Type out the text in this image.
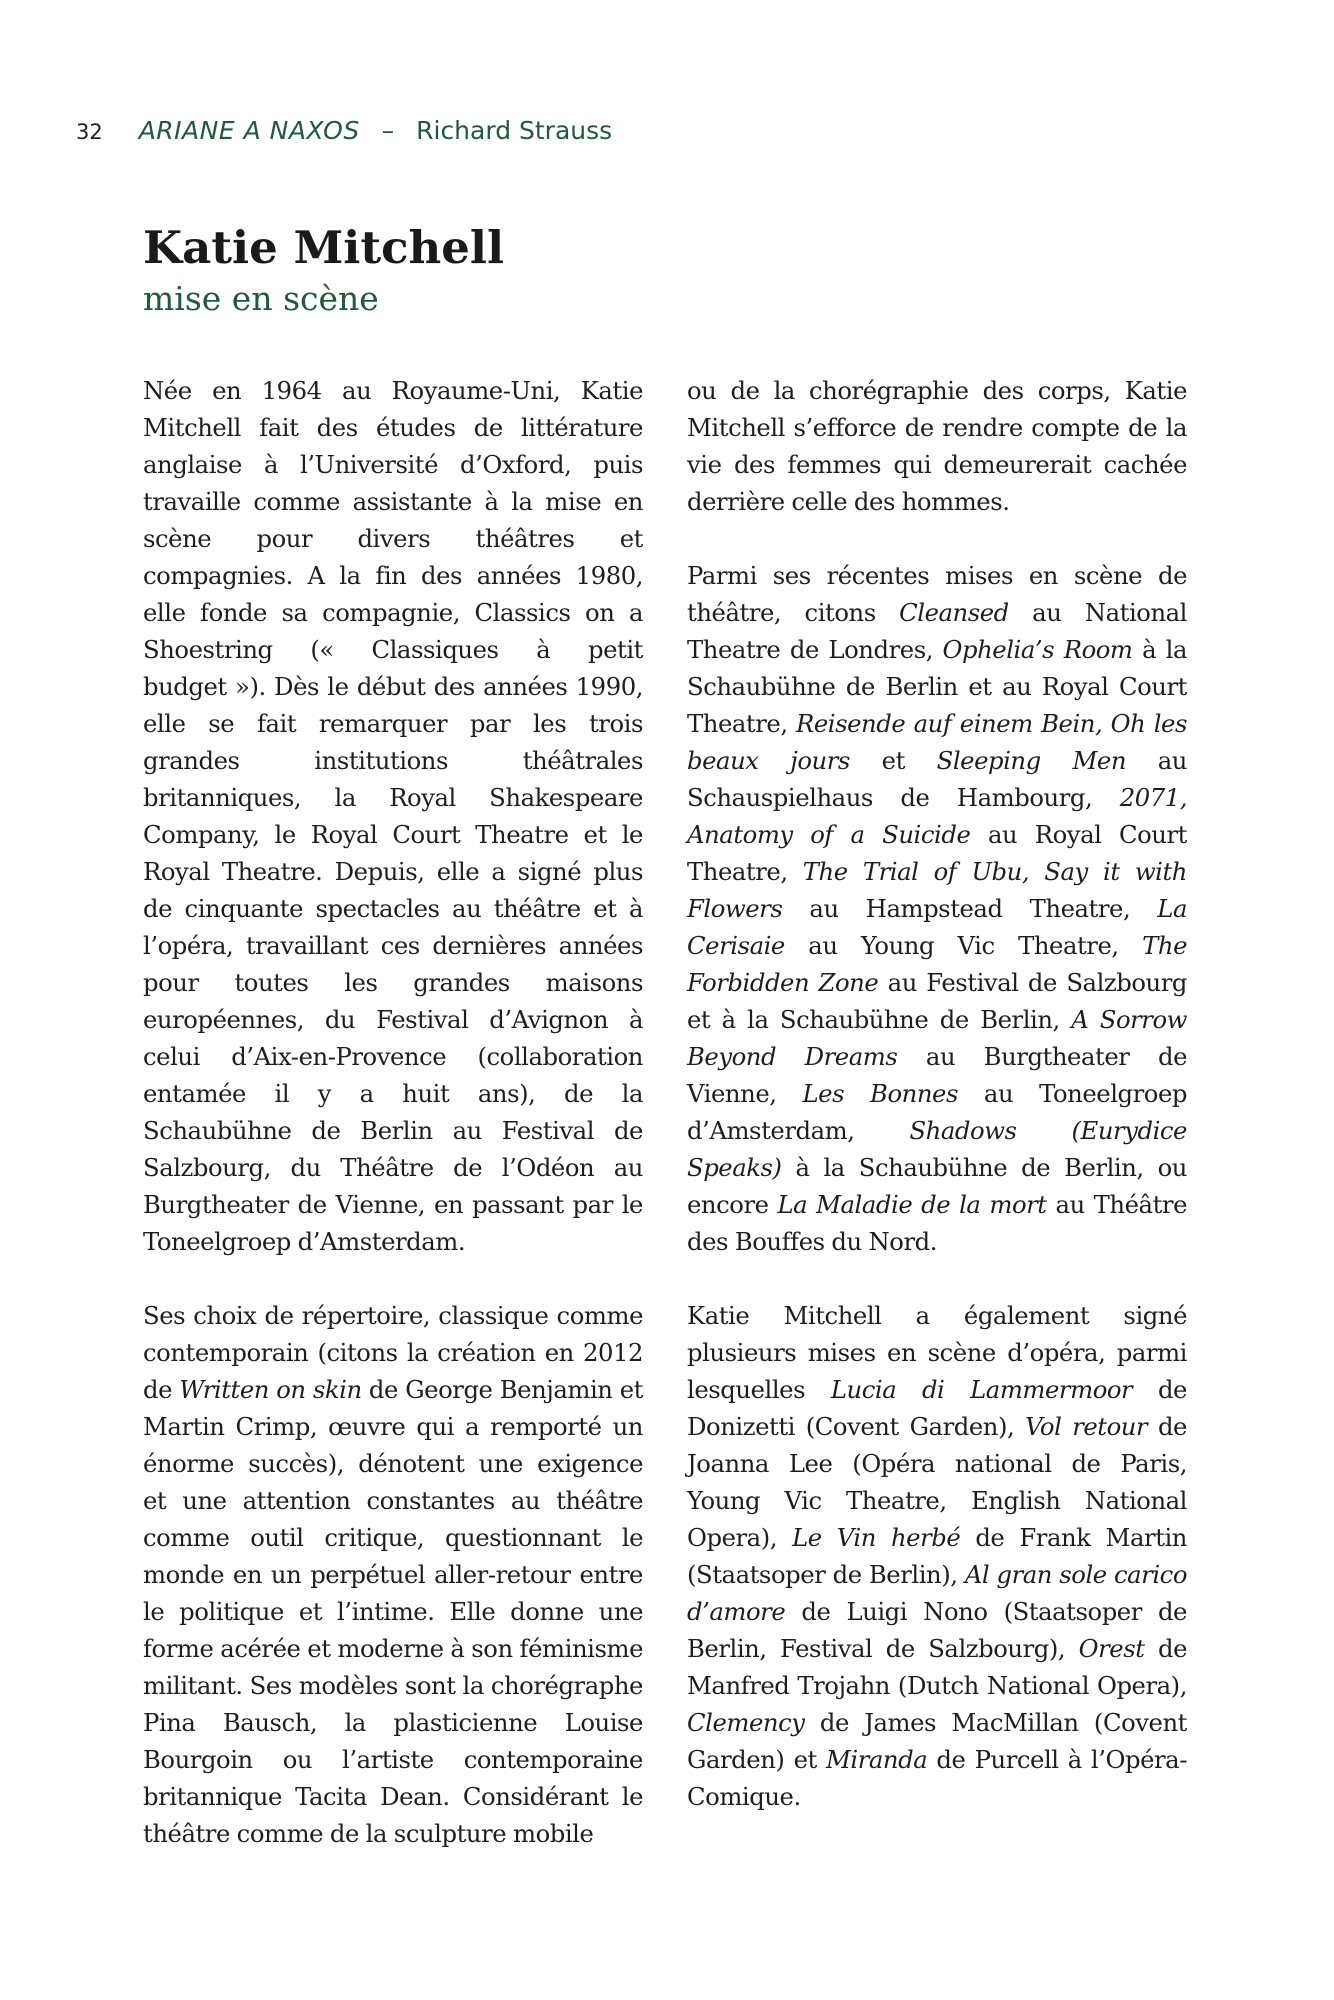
32 ARIANE A NAXOS – Richard Strauss
Katie Mitchell
mise en scène

Née en 1964 au Royaume-Uni, Katie Mitchell fait des études de littérature anglaise à l’Université d’Oxford, puis travaille comme assistante à la mise en scène pour divers théâtres et compagnies. A la fin des années 1980, elle fonde sa compagnie, Classics on a Shoestring (« Classiques à petit budget »). Dès le début des années 1990, elle se fait remarquer par les trois grandes institutions théâtrales britanniques, la Royal Shakespeare Company, le Royal Court Theatre et le Royal Theatre. Depuis, elle a signé plus de cinquante spectacles au théâtre et à l’opéra, travaillant ces dernières années pour toutes les grandes maisons européennes, du Festival d’Avignon à celui d’Aix-en-Provence (collaboration entamée il y a huit ans), de la Schaubühne de Berlin au Festival de Salzbourg, du Théâtre de l’Odéon au Burgtheater de Vienne, en passant par le Toneelgroep d’Amsterdam.

Ses choix de répertoire, classique comme contemporain (citons la création en 2012 de Written on skin de George Benjamin et Martin Crimp, œuvre qui a remporté un énorme succès), dénotent une exigence et une attention constantes au théâtre comme outil critique, questionnant le monde en un perpétuel aller-retour entre le politique et l’intime. Elle donne une forme acérée et moderne à son féminisme militant. Ses modèles sont la chorégraphe Pina Bausch, la plasticienne Louise Bourgoin ou l’artiste contemporaine britannique Tacita Dean. Considérant le théâtre comme de la sculpture mobile

ou de la chorégraphie des corps, Katie Mitchell s’efforce de rendre compte de la vie des femmes qui demeurerait cachée derrière celle des hommes.

Parmi ses récentes mises en scène de théâtre, citons Cleansed au National Theatre de Londres, Ophelia’s Room à la Schaubühne de Berlin et au Royal Court Theatre, Reisende auf einem Bein, Oh les beaux jours et Sleeping Men au Schauspielhaus de Hambourg, 2071, Anatomy of a Suicide au Royal Court Theatre, The Trial of Ubu, Say it with Flowers au Hampstead Theatre, La Cerisaie au Young Vic Theatre, The Forbidden Zone au Festival de Salzbourg et à la Schaubühne de Berlin, A Sorrow Beyond Dreams au Burgtheater de Vienne, Les Bonnes au Toneelgroep d’Amsterdam, Shadows (Eurydice Speaks) à la Schaubühne de Berlin, ou encore La Maladie de la mort au Théâtre des Bouffes du Nord.

Katie Mitchell a également signé plusieurs mises en scène d’opéra, parmi lesquelles Lucia di Lammermoor de Donizetti (Covent Garden), Vol retour de Joanna Lee (Opéra national de Paris, Young Vic Theatre, English National Opera), Le Vin herbé de Frank Martin (Staatsoper de Berlin), Al gran sole carico d’amore de Luigi Nono (Staatsoper de Berlin, Festival de Salzbourg), Orest de Manfred Trojahn (Dutch National Opera), Clemency de James MacMillan (Covent Garden) et Miranda de Purcell à l’Opéra-Comique.
